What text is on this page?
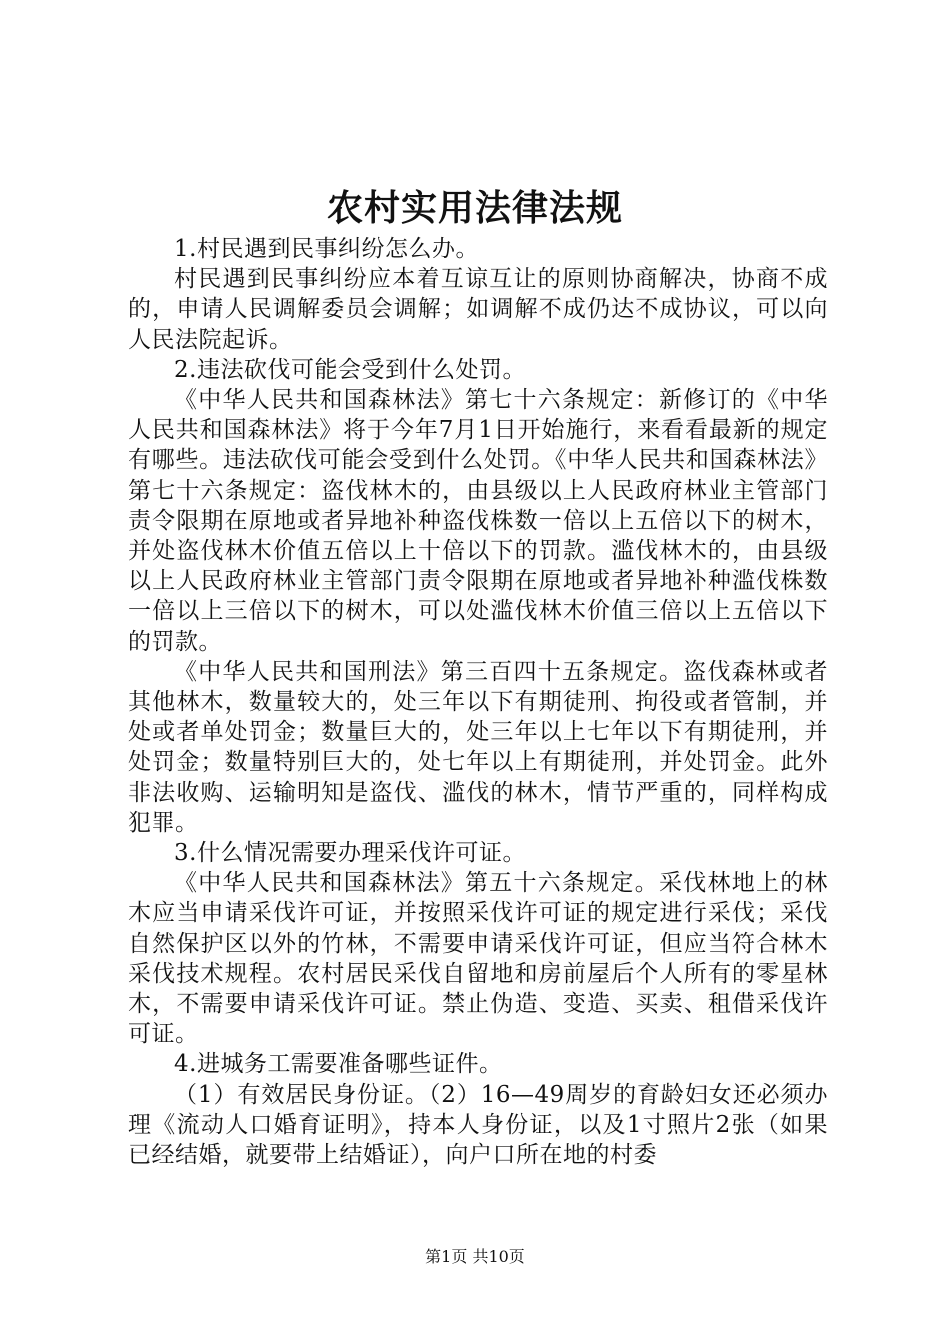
农村实用法律法规

1.村民遇到民事纠纷怎么办。

村民遇到民事纠纷应本着互谅互让的原则协商解决，协商不成的，申请人民调解委员会调解；如调解不成仍达不成协议，可以向人民法院起诉。

2.违法砍伐可能会受到什么处罚。

《中华人民共和国森林法》第七十六条规定：新修订的《中华人民共和国森林法》将于今年7月1日开始施行，来看看最新的规定有哪些。违法砍伐可能会受到什么处罚。《中华人民共和国森林法》第七十六条规定：盗伐林木的，由县级以上人民政府林业主管部门责令限期在原地或者异地补种盗伐株数一倍以上五倍以下的树木，并处盗伐林木价值五倍以上十倍以下的罚款。滥伐林木的，由县级以上人民政府林业主管部门责令限期在原地或者异地补种滥伐株数一倍以上三倍以下的树木，可以处滥伐林木价值三倍以上五倍以下的罚款。

《中华人民共和国刑法》第三百四十五条规定。盗伐森林或者其他林木，数量较大的，处三年以下有期徒刑、拘役或者管制，并处或者单处罚金；数量巨大的，处三年以上七年以下有期徒刑，并处罚金；数量特别巨大的，处七年以上有期徒刑，并处罚金。此外非法收购、运输明知是盗伐、滥伐的林木，情节严重的，同样构成犯罪。

3.什么情况需要办理采伐许可证。

《中华人民共和国森林法》第五十六条规定。采伐林地上的林木应当申请采伐许可证，并按照采伐许可证的规定进行采伐；采伐自然保护区以外的竹林，不需要申请采伐许可证，但应当符合林木采伐技术规程。农村居民采伐自留地和房前屋后个人所有的零星林木，不需要申请采伐许可证。禁止伪造、变造、买卖、租借采伐许可证。

4.进城务工需要准备哪些证件。

（1）有效居民身份证。（2）16—49周岁的育龄妇女还必须办理《流动人口婚育证明》，持本人身份证，以及1寸照片2张（如果已经结婚，就要带上结婚证），向户口所在地的村委

第1页 共10页
